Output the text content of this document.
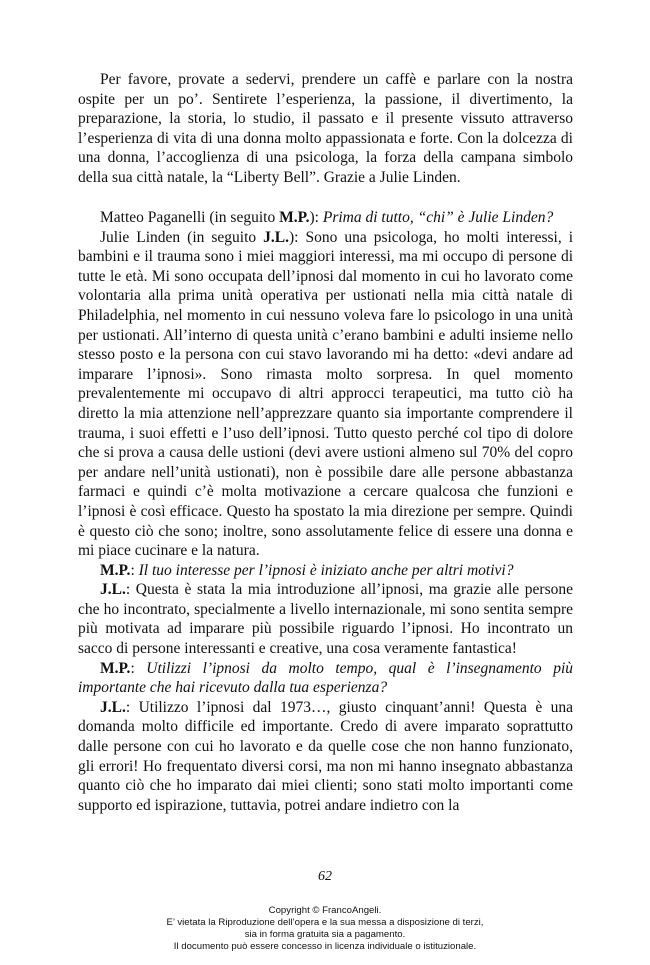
Per favore, provate a sedervi, prendere un caffè e parlare con la nostra ospite per un po’. Sentirete l’esperienza, la passione, il divertimento, la preparazione, la storia, lo studio, il passato e il presente vissuto attraverso l’esperienza di vita di una donna molto appassionata e forte. Con la dolcezza di una donna, l’accoglienza di una psicologa, la forza della campana simbolo della sua città natale, la “Liberty Bell”. Grazie a Julie Linden.

Matteo Paganelli (in seguito M.P.): Prima di tutto, “chi” è Julie Linden?

Julie Linden (in seguito J.L.): Sono una psicologa, ho molti interessi, i bambini e il trauma sono i miei maggiori interessi, ma mi occupo di persone di tutte le età. Mi sono occupata dell’ipnosi dal momento in cui ho lavorato come volontaria alla prima unità operativa per ustionati nella mia città natale di Philadelphia, nel momento in cui nessuno voleva fare lo psicologo in una unità per ustionati. All’interno di questa unità c’erano bambini e adulti insieme nello stesso posto e la persona con cui stavo lavorando mi ha detto: «devi andare ad imparare l’ipnosi». Sono rimasta molto sorpresa. In quel momento prevalentemente mi occupavo di altri approcci terapeutici, ma tutto ciò ha diretto la mia attenzione nell’apprezzare quanto sia importante comprendere il trauma, i suoi effetti e l’uso dell’ipnosi. Tutto questo perché col tipo di dolore che si prova a causa delle ustioni (devi avere ustioni almeno sul 70% del copro per andare nell’unità ustionati), non è possibile dare alle persone abbastanza farmaci e quindi c’è molta motivazione a cercare qualcosa che funzioni e l’ipnosi è così efficace. Questo ha spostato la mia direzione per sempre. Quindi è questo ciò che sono; inoltre, sono assolutamente felice di essere una donna e mi piace cucinare e la natura.

M.P.: Il tuo interesse per l’ipnosi è iniziato anche per altri motivi?

J.L.: Questa è stata la mia introduzione all’ipnosi, ma grazie alle persone che ho incontrato, specialmente a livello internazionale, mi sono sentita sempre più motivata ad imparare più possibile riguardo l’ipnosi. Ho incontrato un sacco di persone interessanti e creative, una cosa veramente fantastica!

M.P.: Utilizzi l’ipnosi da molto tempo, qual è l’insegnamento più importante che hai ricevuto dalla tua esperienza?

J.L.: Utilizzo l’ipnosi dal 1973…, giusto cinquant’anni! Questa è una domanda molto difficile ed importante. Credo di avere imparato soprattutto dalle persone con cui ho lavorato e da quelle cose che non hanno funzionato, gli errori! Ho frequentato diversi corsi, ma non mi hanno insegnato abbastanza quanto ciò che ho imparato dai miei clienti; sono stati molto importanti come supporto ed ispirazione, tuttavia, potrei andare indietro con la

62
Copyright © FrancoAngeli.
E’ vietata la Riproduzione dell’opera e la sua messa a disposizione di terzi,
sia in forma gratuita sia a pagamento.
Il documento può essere concesso in licenza individuale o istituzionale.
